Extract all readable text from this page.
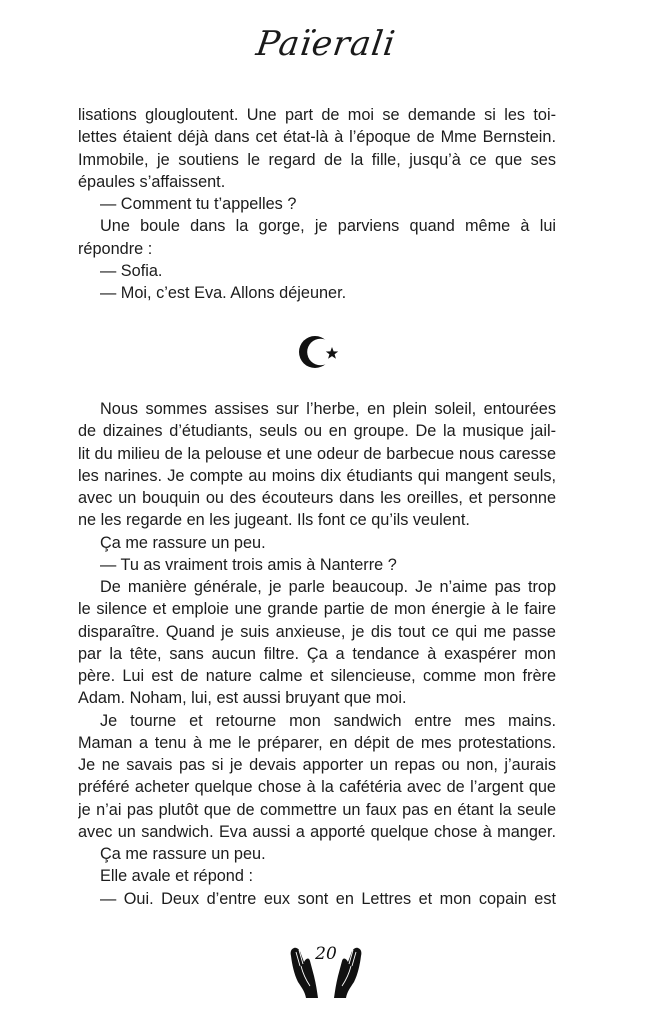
Païerali
lisations glougloutent. Une part de moi se demande si les toi-
lettes étaient déjà dans cet état-là à l’époque de Mme Bernstein.
Immobile, je soutiens le regard de la fille, jusqu’à ce que ses
épaules s’affaissent.
— Comment tu t’appelles ?
Une boule dans la gorge, je parviens quand même à lui
répondre :
— Sofia.
— Moi, c’est Eva. Allons déjeuner.
Nous sommes assises sur l’herbe, en plein soleil, entourées
de dizaines d’étudiants, seuls ou en groupe. De la musique jail-
lit du milieu de la pelouse et une odeur de barbecue nous caresse
les narines. Je compte au moins dix étudiants qui mangent seuls,
avec un bouquin ou des écouteurs dans les oreilles, et personne
ne les regarde en les jugeant. Ils font ce qu’ils veulent.
Ça me rassure un peu.
— Tu as vraiment trois amis à Nanterre ?
De manière générale, je parle beaucoup. Je n’aime pas trop
le silence et emploie une grande partie de mon énergie à le faire
disparaître. Quand je suis anxieuse, je dis tout ce qui me passe
par la tête, sans aucun filtre. Ça a tendance à exaspérer mon
père. Lui est de nature calme et silencieuse, comme mon frère
Adam. Noham, lui, est aussi bruyant que moi.
Je tourne et retourne mon sandwich entre mes mains.
Maman a tenu à me le préparer, en dépit de mes protestations.
Je ne savais pas si je devais apporter un repas ou non, j’aurais
préféré acheter quelque chose à la cafétéria avec de l’argent que
je n’ai pas plutôt que de commettre un faux pas en étant la seule
avec un sandwich. Eva aussi a apporté quelque chose à manger.
Ça me rassure un peu.
Elle avale et répond :
— Oui. Deux d’entre eux sont en Lettres et mon copain est
20
